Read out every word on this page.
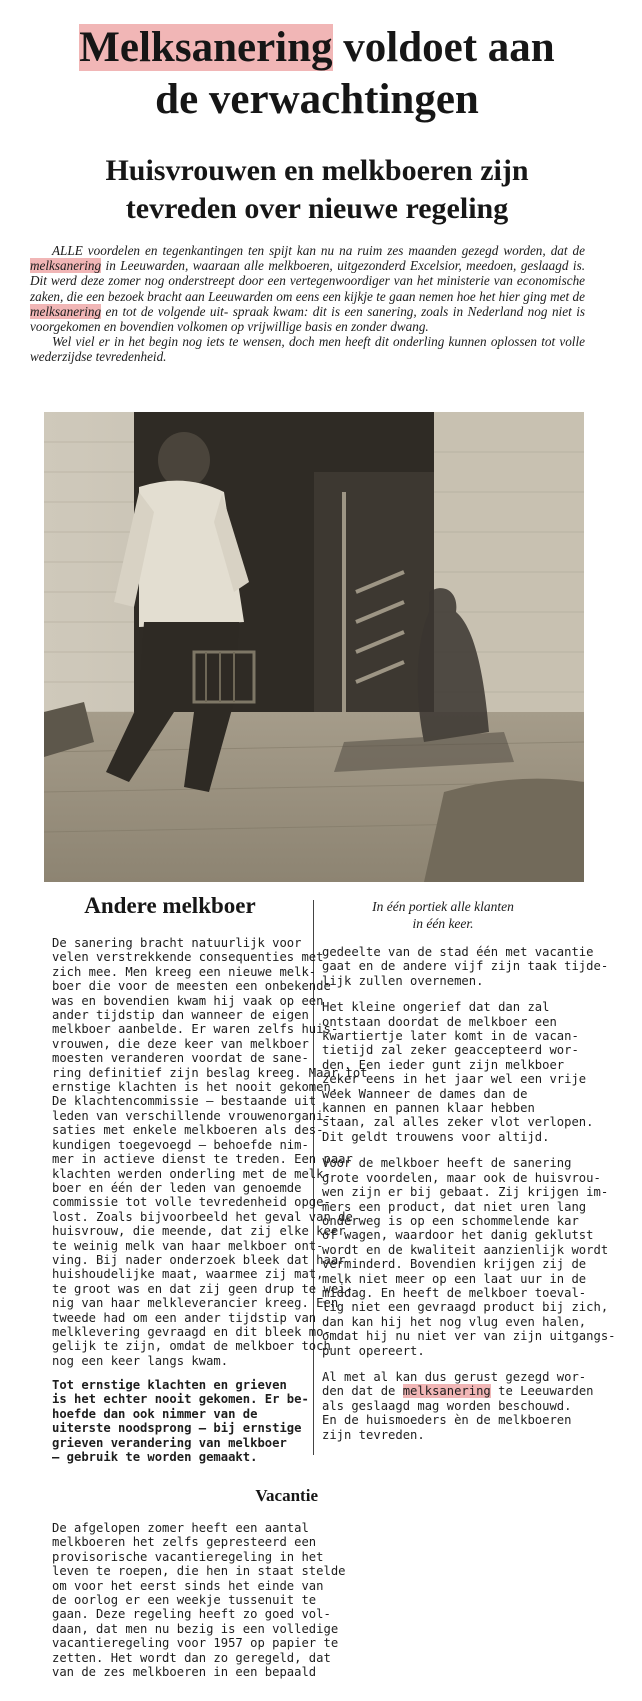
Melksanering voldoet aan
de verwachtingen
Huisvrouwen en melkboeren zijn
tevreden over nieuwe regeling

ALLE voordelen en tegenkantingen ten spijt kan nu na ruim zes maanden gezegd worden, dat de melksanering in Leeuwarden, waaraan alle melkboeren, uitgezonderd Excelsior, meedoen, geslaagd is. Dit werd deze zomer nog onderstreept door een vertegenwoordiger van het ministerie van economische zaken, die een bezoek bracht aan Leeuwarden om eens een kijkje te gaan nemen hoe het hier ging met de melksanering en tot de volgende uit- spraak kwam: dit is een sanering, zoals in Nederland nog niet is voorgekomen en bovendien volkomen op vrijwillige basis en zonder dwang.

Wel viel er in het begin nog iets te wensen, doch men heeft dit onderling kunnen oplossen tot volle wederzijdse tevredenheid.

In één portiek alle klanten
in één keer.
Andere melkboer
De sanering bracht natuurlijk voor
velen verstrekkende consequenties met
zich mee. Men kreeg een nieuwe melk-
boer die voor de meesten een onbekende
was en bovendien kwam hij vaak op een
ander tijdstip dan wanneer de eigen
melkboer aanbelde. Er waren zelfs huis-
vrouwen, die deze keer van melkboer
moesten veranderen voordat de sane-
ring definitief zijn beslag kreeg. Maar tot
ernstige klachten is het nooit gekomen.
De klachtencommissie — bestaande uit
leden van verschillende vrouwenorgani-
saties met enkele melkboeren als des-
kundigen toegevoegd — behoefde nim-
mer in actieve dienst te treden. Een paar
klachten werden onderling met de melk-
boer en één der leden van genoemde
commissie tot volle tevredenheid opge-
lost. Zoals bijvoorbeeld het geval van de
huisvrouw, die meende, dat zij elke keer
te weinig melk van haar melkboer ont-
ving. Bij nader onderzoek bleek dat haar
huishoudelijke maat, waarmee zij mat,
te groot was en dat zij geen drup te wei-
nig van haar melkleverancier kreeg. Een
tweede had om een ander tijdstip van
melklevering gevraagd en dit bleek mo-
gelijk te zijn, omdat de melkboer toch
nog een keer langs kwam.
Tot ernstige klachten en grieven
is het echter nooit gekomen. Er be-
hoefde dan ook nimmer van de
uiterste noodsprong — bij ernstige
grieven verandering van melkboer
— gebruik te worden gemaakt.
Vacantie
De afgelopen zomer heeft een aantal
melkboeren het zelfs gepresteerd een
provisorische vacantieregeling in het
leven te roepen, die hen in staat stelde
om voor het eerst sinds het einde van
de oorlog er een weekje tussenuit te
gaan. Deze regeling heeft zo goed vol-
daan, dat men nu bezig is een volledige
vacantieregeling voor 1957 op papier te
zetten. Het wordt dan zo geregeld, dat
van de zes melkboeren in een bepaald
gedeelte van de stad één met vacantie
gaat en de andere vijf zijn taak tijde-
lijk zullen overnemen.
Het kleine ongerief dat dan zal
ontstaan doordat de melkboer een
kwartiertje later komt in de vacan-
tietijd zal zeker geaccepteerd wor-
den. Een ieder gunt zijn melkboer
zeker eens in het jaar wel een vrije
week Wanneer de dames dan de
kannen en pannen klaar hebben
staan, zal alles zeker vlot verlopen.
Dit geldt trouwens voor altijd.
Voor de melkboer heeft de sanering
grote voordelen, maar ook de huisvrou-
wen zijn er bij gebaat. Zij krijgen im-
mers een product, dat niet uren lang
onderweg is op een schommelende kar
of wagen, waardoor het danig geklutst
wordt en de kwaliteit aanzienlijk wordt
verminderd. Bovendien krijgen zij de
melk niet meer op een laat uur in de
middag. En heeft de melkboer toeval-
lig niet een gevraagd product bij zich,
dan kan hij het nog vlug even halen,
omdat hij nu niet ver van zijn uitgangs-
punt opereert.
Al met al kan dus gerust gezegd wor-
den dat de melksanering te Leeuwarden
als geslaagd mag worden beschouwd.
En de huismoeders èn de melkboeren
zijn tevreden.
